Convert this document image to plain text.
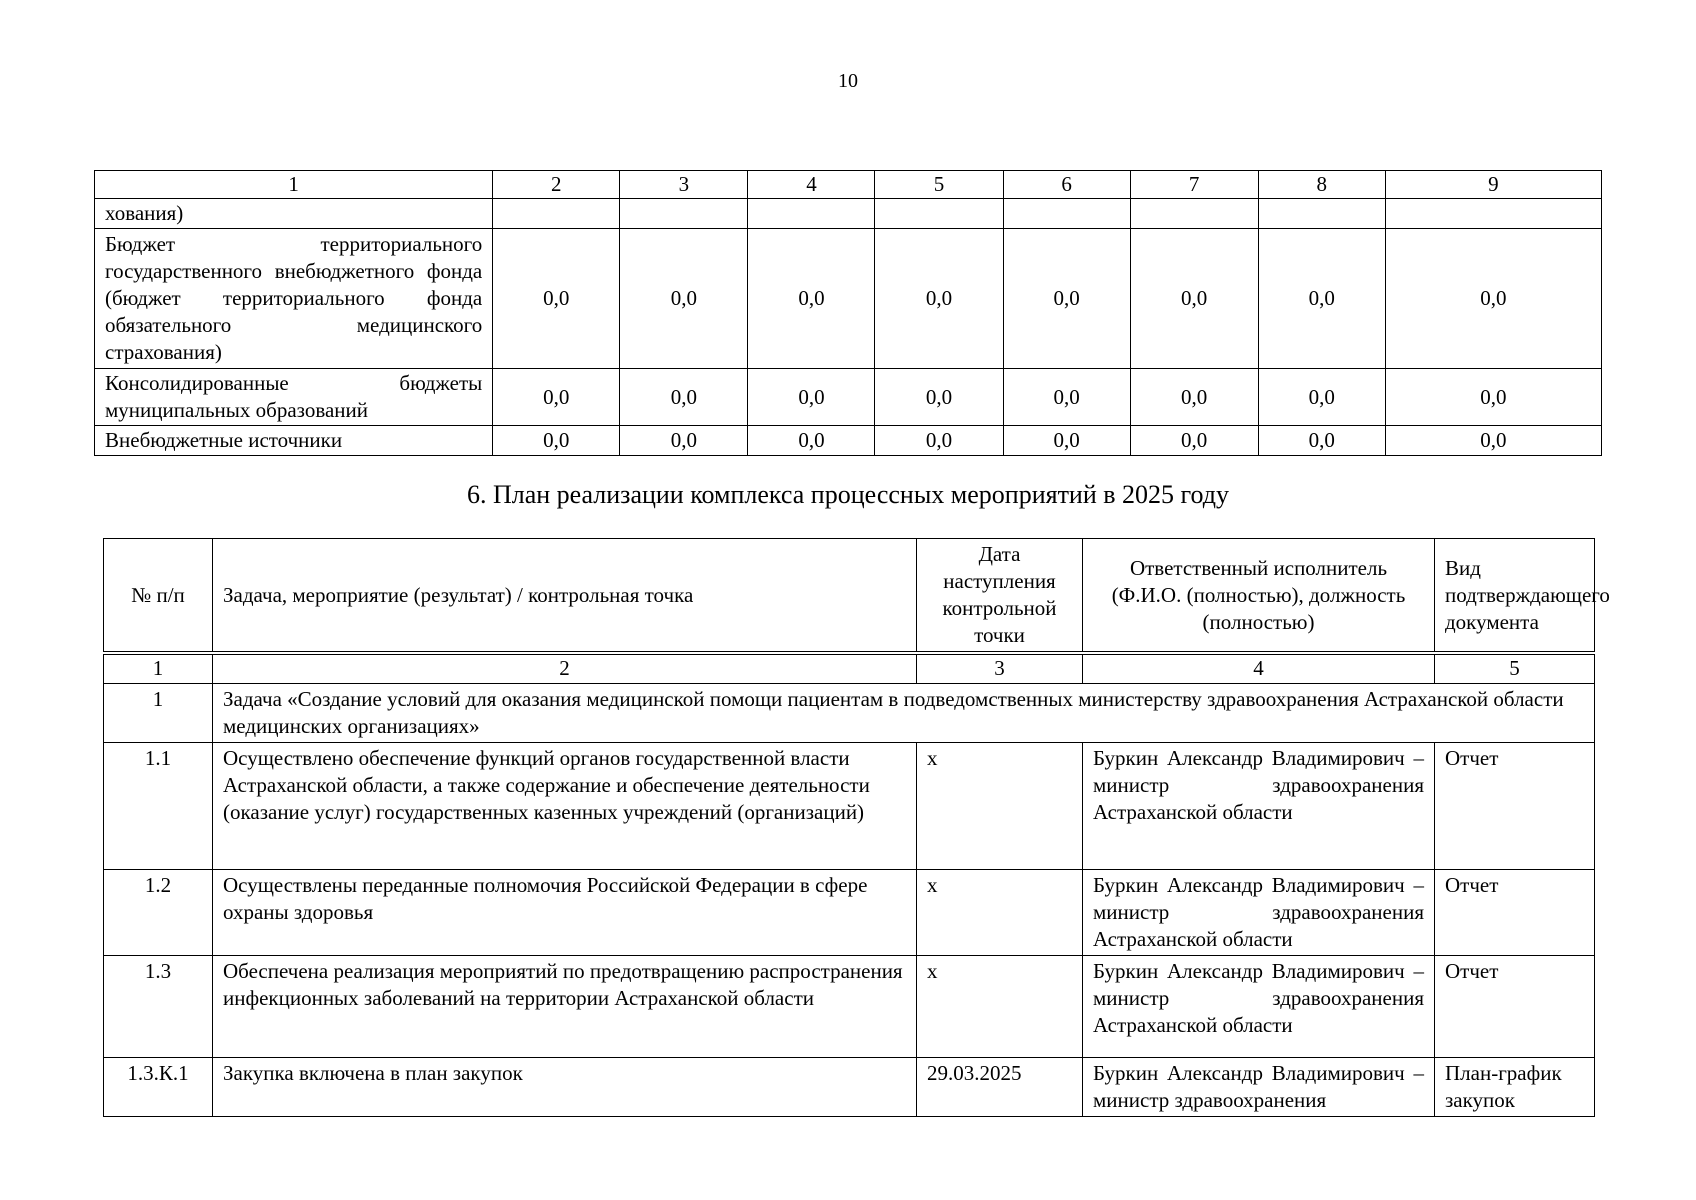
10
1	2	3	4	5	6	7	8	9
хования)								
Бюджет территориального государственного внебюджетного фонда (бюджет территориального фонда обязательного медицинского страхования)	0,0	0,0	0,0	0,0	0,0	0,0	0,0	0,0
Консолидированные бюджеты муниципальных образований	0,0	0,0	0,0	0,0	0,0	0,0	0,0	0,0
Внебюджетные источники	0,0	0,0	0,0	0,0	0,0	0,0	0,0	0,0
6. План реализации комплекса процессных мероприятий в 2025 году
№ п/п	Задача, мероприятие (результат) / контрольная точка	Дата наступления контрольной точки	Ответственный исполнитель (Ф.И.О. (полностью), должность (полностью)	Вид подтверждающего документа
1	2	3	4	5
1	Задача «Создание условий для оказания медицинской помощи пациентам в подведомственных министерству здравоохранения Астраханской области медицинских организациях»			
1.1	Осуществлено обеспечение функций органов государственной власти Астраханской области, а также содержание и обеспечение деятельности (оказание услуг) государственных казенных учреждений (организаций)	х	Буркин Александр Владимирович – министр здравоохранения Астраханской области	Отчет
1.2	Осуществлены переданные полномочия Российской Федерации в сфере охраны здоровья	х	Буркин Александр Владимирович – министр здравоохранения Астраханской области	Отчет
1.3	Обеспечена реализация мероприятий по предотвращению распространения инфекционных заболеваний на территории Астраханской области	х	Буркин Александр Владимирович – министр здравоохранения Астраханской области	Отчет
1.3.К.1	Закупка включена в план закупок	29.03.2025	Буркин Александр Владимирович – министр здравоохранения	План-график закупок
